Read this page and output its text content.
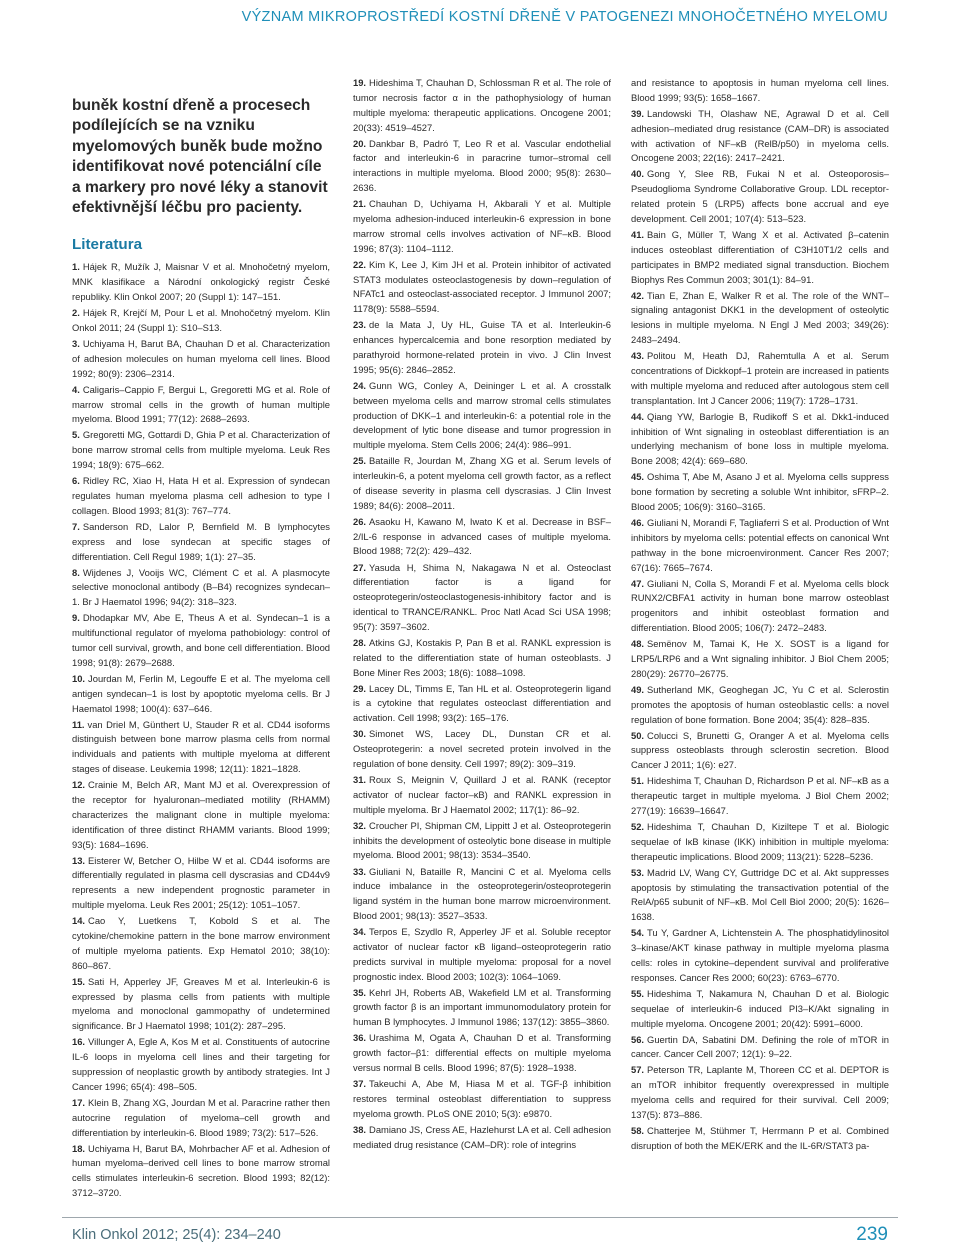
VÝZNAM MIKROPROSTŘEDÍ KOSTNÍ DŘENĚ V PATOGENEZI MNOHOČETNÉHO MYELOMU
buněk kostní dřeně a procesech podílejících se na vzniku myelomových buněk bude možno identifikovat nové potenciální cíle a markery pro nové léky a stanovit efektivnější léčbu pro pacienty.
Literatura
1. Hájek R, Mužík J, Maisnar V et al. Mnohočetný myelom, MNK klasifikace a Národní onkologický registr České republiky. Klin Onkol 2007; 20 (Suppl 1): 147–151.
2. Hájek R, Krejčí M, Pour L et al. Mnohočetný myelom. Klin Onkol 2011; 24 (Suppl 1): S10–S13.
3. Uchiyama H, Barut BA, Chauhan D et al. Characterization of adhesion molecules on human myeloma cell lines. Blood 1992; 80(9): 2306–2314.
4. Caligaris–Cappio F, Bergui L, Gregoretti MG et al. Role of marrow stromal cells in the growth of human multiple myeloma. Blood 1991; 77(12): 2688–2693.
5. Gregoretti MG, Gottardi D, Ghia P et al. Characterization of bone marrow stromal cells from multiple myeloma. Leuk Res 1994; 18(9): 675–662.
6. Ridley RC, Xiao H, Hata H et al. Expression of syndecan regulates human myeloma plasma cell adhesion to type I collagen. Blood 1993; 81(3): 767–774.
7. Sanderson RD, Lalor P, Bernfield M. B lymphocytes express and lose syndecan at specific stages of differentiation. Cell Regul 1989; 1(1): 27–35.
8. Wijdenes J, Vooijs WC, Clément C et al. A plasmocyte selective monoclonal antibody (B–B4) recognizes syndecan–1. Br J Haematol 1996; 94(2): 318–323.
9. Dhodapkar MV, Abe E, Theus A et al. Syndecan–1 is a multifunctional regulator of myeloma pathobiology: control of tumor cell survival, growth, and bone cell differentiation. Blood 1998; 91(8): 2679–2688.
10. Jourdan M, Ferlin M, Legouffe E et al. The myeloma cell antigen syndecan–1 is lost by apoptotic myeloma cells. Br J Haematol 1998; 100(4): 637–646.
11. van Driel M, Günthert U, Stauder R et al. CD44 isoforms distinguish between bone marrow plasma cells from normal individuals and patients with multiple myeloma at different stages of disease. Leukemia 1998; 12(11): 1821–1828.
12. Crainie M, Belch AR, Mant MJ et al. Overexpression of the receptor for hyaluronan–mediated motility (RHAMM) characterizes the malignant clone in multiple myeloma: identification of three distinct RHAMM variants. Blood 1999; 93(5): 1684–1696.
13. Eisterer W, Betcher O, Hilbe W et al. CD44 isoforms are differentially regulated in plasma cell dyscrasias and CD44v9 represents a new independent prognostic parameter in multiple myeloma. Leuk Res 2001; 25(12): 1051–1057.
14. Cao Y, Luetkens T, Kobold S et al. The cytokine/chemokine pattern in the bone marrow environment of multiple myeloma patients. Exp Hematol 2010; 38(10): 860–867.
15. Sati H, Apperley JF, Greaves M et al. Interleukin-6 is expressed by plasma cells from patients with multiple myeloma and monoclonal gammopathy of undetermined significance. Br J Haematol 1998; 101(2): 287–295.
16. Villunger A, Egle A, Kos M et al. Constituents of autocrine IL-6 loops in myeloma cell lines and their targeting for suppression of neoplastic growth by antibody strategies. Int J Cancer 1996; 65(4): 498–505.
17. Klein B, Zhang XG, Jourdan M et al. Paracrine rather then autocrine regulation of myeloma–cell growth and differentiation by interleukin-6. Blood 1989; 73(2): 517–526.
18. Uchiyama H, Barut BA, Mohrbacher AF et al. Adhesion of human myeloma–derived cell lines to bone marrow stromal cells stimulates interleukin-6 secretion. Blood 1993; 82(12): 3712–3720.
19. Hideshima T, Chauhan D, Schlossman R et al. The role of tumor necrosis factor α in the pathophysiology of human multiple myeloma: therapeutic applications. Oncogene 2001; 20(33): 4519–4527.
20. Dankbar B, Padró T, Leo R et al. Vascular endothelial factor and interleukin-6 in paracrine tumor–stromal cell interactions in multiple myeloma. Blood 2000; 95(8): 2630–2636.
21. Chauhan D, Uchiyama H, Akbarali Y et al. Multiple myeloma adhesion-induced interleukin-6 expression in bone marrow stromal cells involves activation of NF–κB. Blood 1996; 87(3): 1104–1112.
22. Kim K, Lee J, Kim JH et al. Protein inhibitor of activated STAT3 modulates osteoclastogenesis by down–regulation of NFATc1 and osteoclast-associated receptor. J Immunol 2007; 1178(9): 5588–5594.
23. de la Mata J, Uy HL, Guise TA et al. Interleukin-6 enhances hypercalcemia and bone resorption mediated by parathyroid hormone-related protein in vivo. J Clin Invest 1995; 95(6): 2846–2852.
24. Gunn WG, Conley A, Deininger L et al. A crosstalk between myeloma cells and marrow stromal cells stimulates production of DKK–1 and interleukin-6: a potential role in the development of lytic bone disease and tumor progression in multiple myeloma. Stem Cells 2006; 24(4): 986–991.
25. Bataille R, Jourdan M, Zhang XG et al. Serum levels of interleukin-6, a potent myeloma cell growth factor, as a reflect of disease severity in plasma cell dyscrasias. J Clin Invest 1989; 84(6): 2008–2011.
26. Asaoku H, Kawano M, Iwato K et al. Decrease in BSF–2/IL-6 response in advanced cases of multiple myeloma. Blood 1988; 72(2): 429–432.
27. Yasuda H, Shima N, Nakagawa N et al. Osteoclast differentiation factor is a ligand for osteoprotegerin/osteoclastogenesis-inhibitory factor and is identical to TRANCE/RANKL. Proc Natl Acad Sci USA 1998; 95(7): 3597–3602.
28. Atkins GJ, Kostakis P, Pan B et al. RANKL expression is related to the differentiation state of human osteoblasts. J Bone Miner Res 2003; 18(6): 1088–1098.
29. Lacey DL, Timms E, Tan HL et al. Osteoprotegerin ligand is a cytokine that regulates osteoclast differentiation and activation. Cell 1998; 93(2): 165–176.
30. Simonet WS, Lacey DL, Dunstan CR et al. Osteoprotegerin: a novel secreted protein involved in the regulation of bone density. Cell 1997; 89(2): 309–319.
31. Roux S, Meignin V, Quillard J et al. RANK (receptor activator of nuclear factor–κB) and RANKL expression in multiple myeloma. Br J Haematol 2002; 117(1): 86–92.
32. Croucher PI, Shipman CM, Lippitt J et al. Osteoprotegerin inhibits the development of osteolytic bone disease in multiple myeloma. Blood 2001; 98(13): 3534–3540.
33. Giuliani N, Bataille R, Mancini C et al. Myeloma cells induce imbalance in the osteoprotegerin/osteoprotegerin ligand systém in the human bone marrow microenvironment. Blood 2001; 98(13): 3527–3533.
34. Terpos E, Szydlo R, Apperley JF et al. Soluble receptor activator of nuclear factor κB ligand–osteoprotegerin ratio predicts survival in multiple myeloma: proposal for a novel prognostic index. Blood 2003; 102(3): 1064–1069.
35. Kehrl JH, Roberts AB, Wakefield LM et al. Transforming growth factor β is an important immunomodulatory protein for human B lymphocytes. J Immunol 1986; 137(12): 3855–3860.
36. Urashima M, Ogata A, Chauhan D et al. Transforming growth factor–β1: differential effects on multiple myeloma versus normal B cells. Blood 1996; 87(5): 1928–1938.
37. Takeuchi A, Abe M, Hiasa M et al. TGF-β inhibition restores terminal osteoblast differentiation to suppress myeloma growth. PLoS ONE 2010; 5(3): e9870.
38. Damiano JS, Cress AE, Hazlehurst LA et al. Cell adhesion mediated drug resistance (CAM–DR): role of integrins
and resistance to apoptosis in human myeloma cell lines. Blood 1999; 93(5): 1658–1667.
39. Landowski TH, Olashaw NE, Agrawal D et al. Cell adhesion–mediated drug resistance (CAM–DR) is associated with activation of NF–κB (RelB/p50) in myeloma cells. Oncogene 2003; 22(16): 2417–2421.
40. Gong Y, Slee RB, Fukai N et al. Osteoporosis–Pseudoglioma Syndrome Collaborative Group. LDL receptor-related protein 5 (LRP5) affects bone accrual and eye development. Cell 2001; 107(4): 513–523.
41. Bain G, Müller T, Wang X et al. Activated β–catenin induces osteoblast differentiation of C3H10T1/2 cells and participates in BMP2 mediated signal transduction. Biochem Biophys Res Commun 2003; 301(1): 84–91.
42. Tian E, Zhan E, Walker R et al. The role of the WNT–signaling antagonist DKK1 in the development of osteolytic lesions in multiple myeloma. N Engl J Med 2003; 349(26): 2483–2494.
43. Politou M, Heath DJ, Rahemtulla A et al. Serum concentrations of Dickkopf–1 protein are increased in patients with multiple myeloma and reduced after autologous stem cell transplantation. Int J Cancer 2006; 119(7): 1728–1731.
44. Qiang YW, Barlogie B, Rudikoff S et al. Dkk1-induced inhibition of Wnt signaling in osteoblast differentiation is an underlying mechanism of bone loss in multiple myeloma. Bone 2008; 42(4): 669–680.
45. Oshima T, Abe M, Asano J et al. Myeloma cells suppress bone formation by secreting a soluble Wnt inhibitor, sFRP–2. Blood 2005; 106(9): 3160–3165.
46. Giuliani N, Morandi F, Tagliaferri S et al. Production of Wnt inhibitors by myeloma cells: potential effects on canonical Wnt pathway in the bone microenvironment. Cancer Res 2007; 67(16): 7665–7674.
47. Giuliani N, Colla S, Morandi F et al. Myeloma cells block RUNX2/CBFA1 activity in human bone marrow osteoblast progenitors and inhibit osteoblast formation and differentiation. Blood 2005; 106(7): 2472–2483.
48. Semënov M, Tamai K, He X. SOST is a ligand for LRP5/LRP6 and a Wnt signaling inhibitor. J Biol Chem 2005; 280(29): 26770–26775.
49. Sutherland MK, Geoghegan JC, Yu C et al. Sclerostin promotes the apoptosis of human osteoblastic cells: a novel regulation of bone formation. Bone 2004; 35(4): 828–835.
50. Colucci S, Brunetti G, Oranger A et al. Myeloma cells suppress osteoblasts through sclerostin secretion. Blood Cancer J 2011; 1(6): e27.
51. Hideshima T, Chauhan D, Richardson P et al. NF–κB as a therapeutic target in multiple myeloma. J Biol Chem 2002; 277(19): 16639–16647.
52. Hideshima T, Chauhan D, Kiziltepe T et al. Biologic sequelae of IκB kinase (IKK) inhibition in multiple myeloma: therapeutic implications. Blood 2009; 113(21): 5228–5236.
53. Madrid LV, Wang CY, Guttridge DC et al. Akt suppresses apoptosis by stimulating the transactivation potential of the RelA/p65 subunit of NF–κB. Mol Cell Biol 2000; 20(5): 1626–1638.
54. Tu Y, Gardner A, Lichtenstein A. The phosphatidylinositol 3–kinase/AKT kinase pathway in multiple myeloma plasma cells: roles in cytokine–dependent survival and proliferative responses. Cancer Res 2000; 60(23): 6763–6770.
55. Hideshima T, Nakamura N, Chauhan D et al. Biologic sequelae of interleukin-6 induced PI3–K/Akt signaling in multiple myeloma. Oncogene 2001; 20(42): 5991–6000.
56. Guertin DA, Sabatini DM. Defining the role of mTOR in cancer. Cancer Cell 2007; 12(1): 9–22.
57. Peterson TR, Laplante M, Thoreen CC et al. DEPTOR is an mTOR inhibitor frequently overexpressed in multiple myeloma cells and required for their survival. Cell 2009; 137(5): 873–886.
58. Chatterjee M, Stühmer T, Herrmann P et al. Combined disruption of both the MEK/ERK and the IL-6R/STAT3 pa-
Klin Onkol 2012; 25(4): 234–240	239
